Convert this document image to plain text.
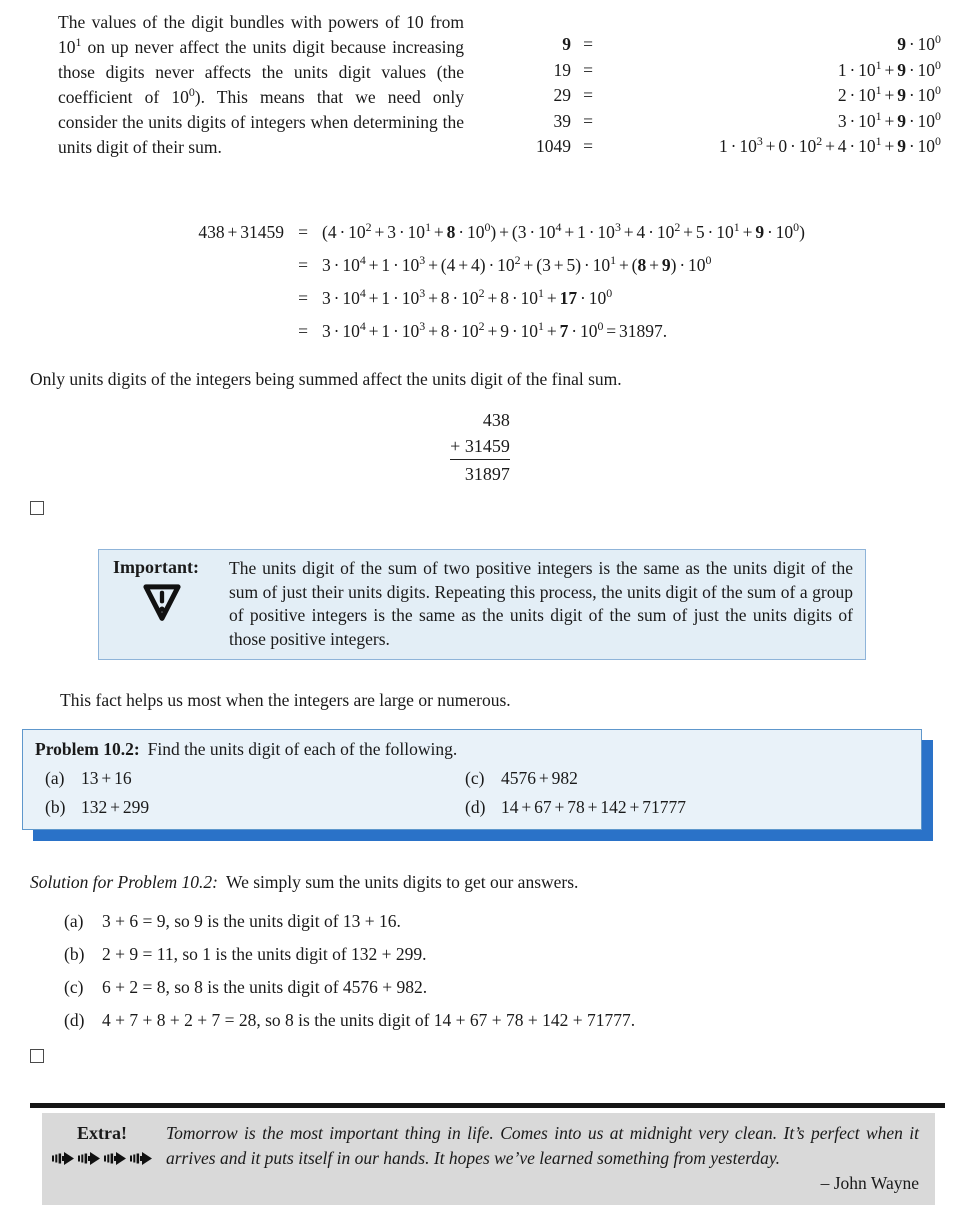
The values of the digit bundles with powers of 10 from $10^1$ on up never affect the units digit because increasing those digits never affects the units digit values (the coefficient of $10^0$). This means that we need only consider the units digits of integers when determining the units digit of their sum.
9 =	$9 \cdot 10^0$
19 =	$1 \cdot 10^1 + 9 \cdot 10^0$
29 =	$2 \cdot 10^1 + 9 \cdot 10^0$
39 =	$3 \cdot 10^1 + 9 \cdot 10^0$
1049 =	$1 \cdot 10^3 + 0 \cdot 10^2 + 4 \cdot 10^1 + 9 \cdot 10^0$
$438 + 31459 = (4 \cdot 10^2 + 3 \cdot 10^1 + 8 \cdot 10^0) + (3 \cdot 10^4 + 1 \cdot 10^3 + 4 \cdot 10^2 + 5 \cdot 10^1 + 9 \cdot 10^0)$
= $3 \cdot 10^4 + 1 \cdot 10^3 + (4 + 4) \cdot 10^2 + (3 + 5) \cdot 10^1 + (8 + 9) \cdot 10^0$
= $3 \cdot 10^4 + 1 \cdot 10^3 + 8 \cdot 10^2 + 8 \cdot 10^1 + 17 \cdot 10^0$
= $3 \cdot 10^4 + 1 \cdot 10^3 + 8 \cdot 10^2 + 9 \cdot 10^1 + 7 \cdot 10^0 = 31897$.
Only units digits of the integers being summed affect the units digit of the final sum.
438
+ 31459
31897
Important:	The units digit of the sum of two positive integers is the same as the units digit of the sum of just their units digits. Repeating this process, the units digit of the sum of a group of positive integers is the same as the units digit of the sum of just the units digits of those positive integers.
This fact helps us most when the integers are large or numerous.
Problem 10.2: Find the units digit of each of the following.
(a) 13 + 16
(b) 132 + 299
(c) 4576 + 982
(d) 14 + 67 + 78 + 142 + 71777
Solution for Problem 10.2: We simply sum the units digits to get our answers.
(a)	3 + 6 = 9, so 9 is the units digit of 13 + 16.
(b)	2 + 9 = 11, so 1 is the units digit of 132 + 299.
(c)	6 + 2 = 8, so 8 is the units digit of 4576 + 982.
(d)	4 + 7 + 8 + 2 + 7 = 28, so 8 is the units digit of 14 + 67 + 78 + 142 + 71777.
Extra!	Tomorrow is the most important thing in life. Comes into us at midnight very clean. It’s perfect when it arrives and it puts itself in our hands. It hopes we’ve learned something from yesterday.
– John Wayne
